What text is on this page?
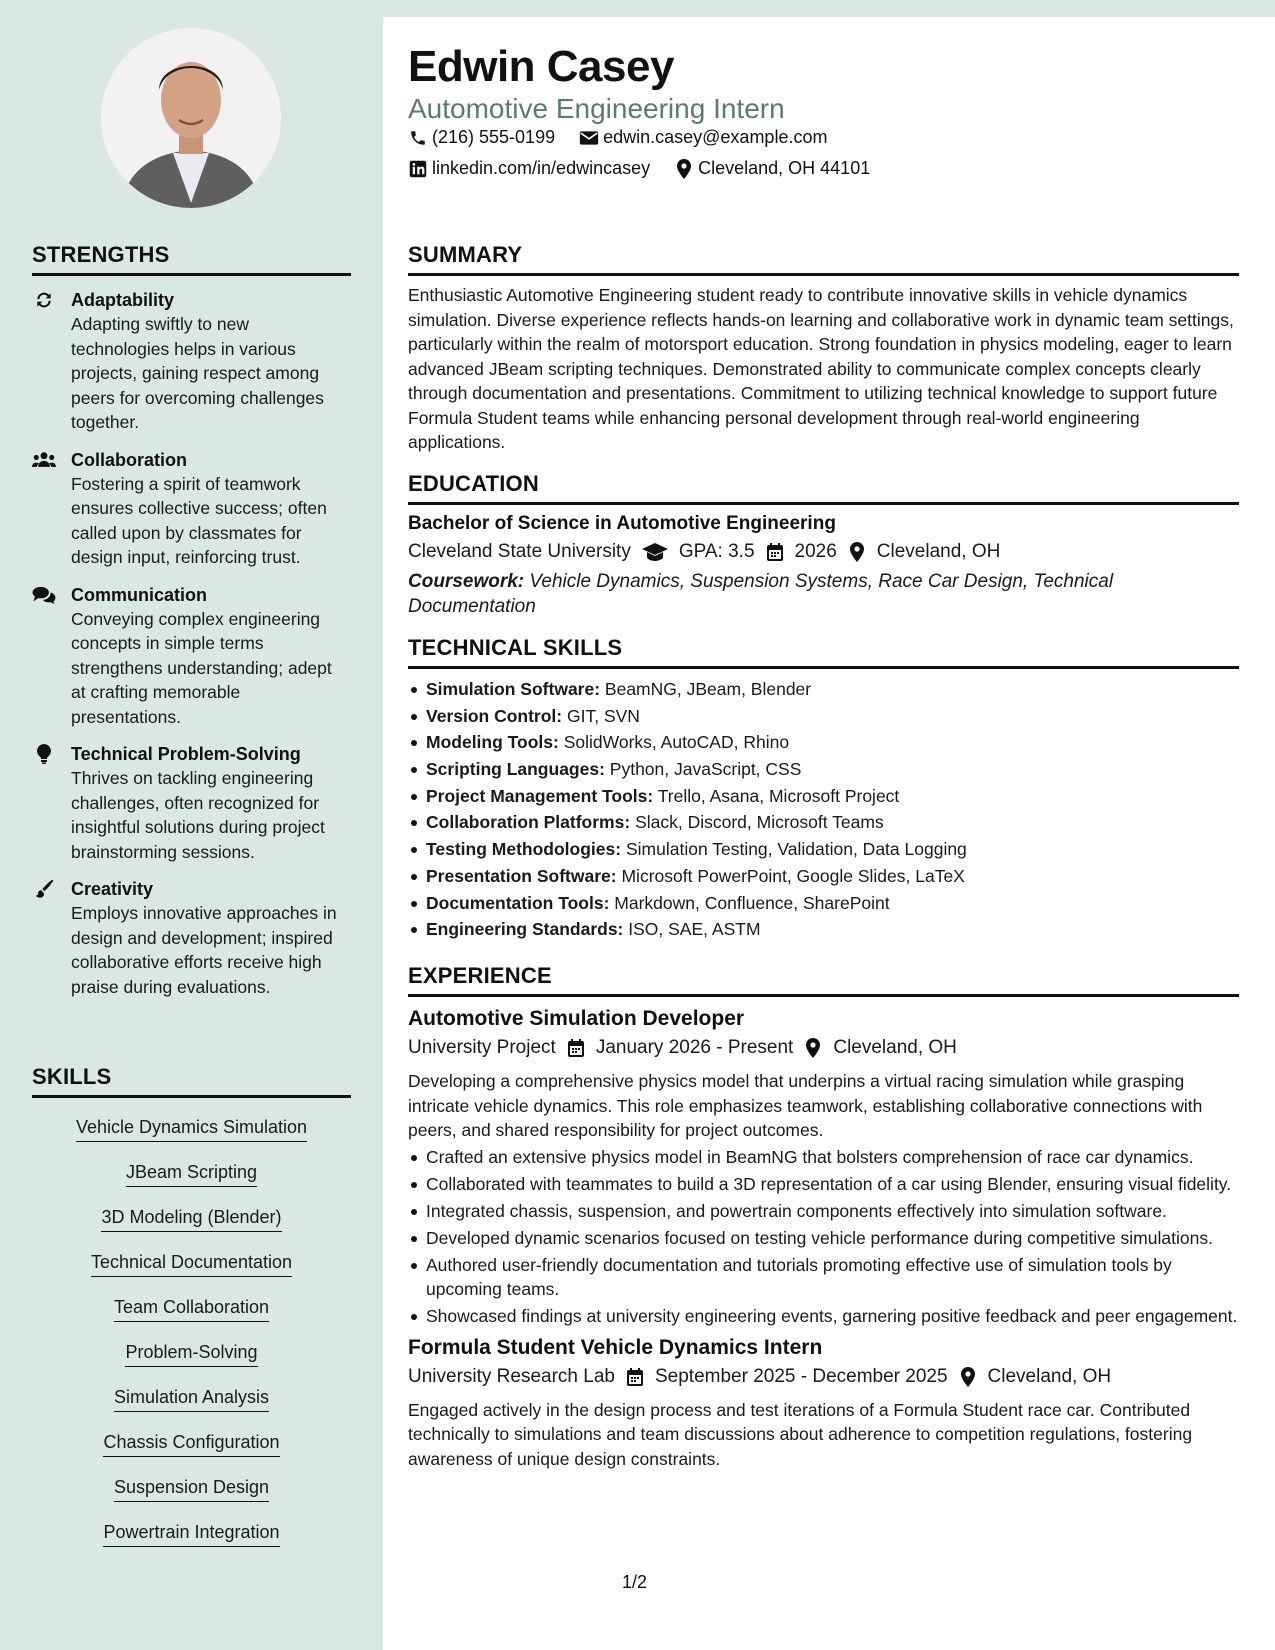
Edwin Casey
Automotive Engineering Intern
(216) 555-0199	edwin.casey@example.com
linkedin.com/in/edwincasey	Cleveland, OH 44101
STRENGTHS
Adaptability
Adapting swiftly to new technologies helps in various projects, gaining respect among peers for overcoming challenges together.
Collaboration
Fostering a spirit of teamwork ensures collective success; often called upon by classmates for design input, reinforcing trust.
Communication
Conveying complex engineering concepts in simple terms strengthens understanding; adept at crafting memorable presentations.
Technical Problem-Solving
Thrives on tackling engineering challenges, often recognized for insightful solutions during project brainstorming sessions.
Creativity
Employs innovative approaches in design and development; inspired collaborative efforts receive high praise during evaluations.
SKILLS
Vehicle Dynamics Simulation
JBeam Scripting
3D Modeling (Blender)
Technical Documentation
Team Collaboration
Problem-Solving
Simulation Analysis
Chassis Configuration
Suspension Design
Powertrain Integration
SUMMARY
Enthusiastic Automotive Engineering student ready to contribute innovative skills in vehicle dynamics simulation. Diverse experience reflects hands-on learning and collaborative work in dynamic team settings, particularly within the realm of motorsport education. Strong foundation in physics modeling, eager to learn advanced JBeam scripting techniques. Demonstrated ability to communicate complex concepts clearly through documentation and presentations. Commitment to utilizing technical knowledge to support future Formula Student teams while enhancing personal development through real-world engineering applications.
EDUCATION
Bachelor of Science in Automotive Engineering
Cleveland State University	GPA: 3.5 2026 Cleveland, OH
Coursework: Vehicle Dynamics, Suspension Systems, Race Car Design, Technical Documentation
TECHNICAL SKILLS
Simulation Software: BeamNG, JBeam, Blender
Version Control: GIT, SVN
Modeling Tools: SolidWorks, AutoCAD, Rhino
Scripting Languages: Python, JavaScript, CSS
Project Management Tools: Trello, Asana, Microsoft Project
Collaboration Platforms: Slack, Discord, Microsoft Teams
Testing Methodologies: Simulation Testing, Validation, Data Logging
Presentation Software: Microsoft PowerPoint, Google Slides, LaTeX
Documentation Tools: Markdown, Confluence, SharePoint
Engineering Standards: ISO, SAE, ASTM
EXPERIENCE
Automotive Simulation Developer
University Project January 2026 - Present Cleveland, OH
Developing a comprehensive physics model that underpins a virtual racing simulation while grasping intricate vehicle dynamics. This role emphasizes teamwork, establishing collaborative connections with peers, and shared responsibility for project outcomes.
Crafted an extensive physics model in BeamNG that bolsters comprehension of race car dynamics.
Collaborated with teammates to build a 3D representation of a car using Blender, ensuring visual fidelity.
Integrated chassis, suspension, and powertrain components effectively into simulation software.
Developed dynamic scenarios focused on testing vehicle performance during competitive simulations.
Authored user-friendly documentation and tutorials promoting effective use of simulation tools by upcoming teams.
Showcased findings at university engineering events, garnering positive feedback and peer engagement.
Formula Student Vehicle Dynamics Intern
University Research Lab September 2025 - December 2025 Cleveland, OH
Engaged actively in the design process and test iterations of a Formula Student race car. Contributed technically to simulations and team discussions about adherence to competition regulations, fostering awareness of unique design constraints.
1/2
